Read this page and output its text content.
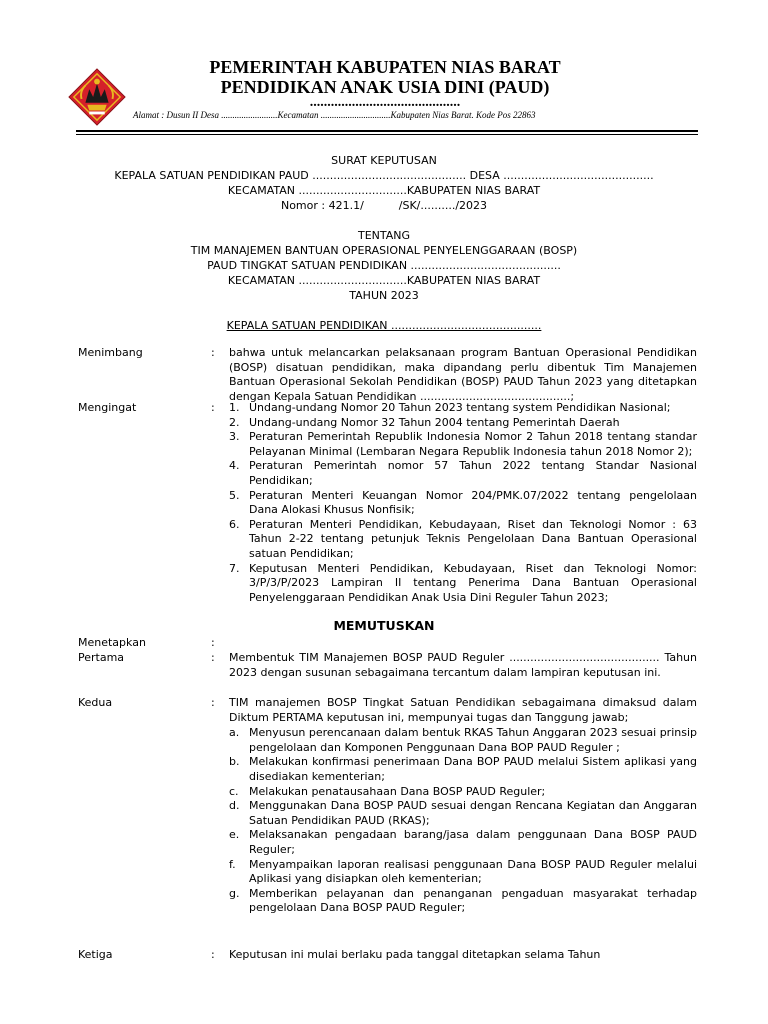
PEMERINTAH KABUPATEN NIAS BARAT
PENDIDIKAN ANAK USIA DINI (PAUD)
...........................................
Alamat : Dusun II Desa .........................Kecamatan ...............................Kabupaten Nias Barat. Kode Pos 22863
SURAT KEPUTUSAN
KEPALA SATUAN PENDIDIKAN PAUD ............................................ DESA ...........................................
KECAMATAN ...............................KABUPATEN NIAS BARAT
Nomor : 421.1/          /SK/........../2023
TENTANG
TIM MANAJEMEN BANTUAN OPERASIONAL PENYELENGGARAAN (BOSP)
PAUD TINGKAT SATUAN PENDIDIKAN ...........................................
KECAMATAN ...............................KABUPATEN NIAS BARAT
TAHUN 2023
KEPALA SATUAN PENDIDIKAN ...........................................
Menimbang	: bahwa untuk melancarkan pelaksanaan program Bantuan Operasional Pendidikan (BOSP) disatuan pendidikan, maka dipandang perlu dibentuk Tim Manajemen Bantuan Operasional Sekolah Pendidikan (BOSP) PAUD Tahun 2023 yang ditetapkan dengan Kepala Satuan Pendidikan ...........................................;
Mengingat	: 1. Undang-undang Nomor 20 Tahun 2023 tentang system Pendidikan Nasional;
2. Undang-undang Nomor 32 Tahun 2004 tentang Pemerintah Daerah
3. Peraturan Pemerintah Republik Indonesia Nomor 2 Tahun 2018 tentang standar Pelayanan Minimal (Lembaran Negara Republik Indonesia tahun 2018 Nomor 2);
4. Peraturan Pemerintah nomor 57 Tahun 2022 tentang Standar Nasional Pendidikan;
5. Peraturan Menteri Keuangan Nomor 204/PMK.07/2022 tentang pengelolaan Dana Alokasi Khusus Nonfisik;
6. Peraturan Menteri Pendidikan, Kebudayaan, Riset dan Teknologi Nomor : 63 Tahun 2-22 tentang petunjuk Teknis Pengelolaan Dana Bantuan Operasional satuan Pendidikan;
7. Keputusan Menteri Pendidikan, Kebudayaan, Riset dan Teknologi Nomor: 3/P/3/P/2023 Lampiran II tentang Penerima Dana Bantuan Operasional Penyelenggaraan Pendidikan Anak Usia Dini Reguler Tahun 2023;
MEMUTUSKAN
Menetapkan	:
Pertama	: Membentuk TIM Manajemen BOSP PAUD Reguler ........................................... Tahun 2023 dengan susunan sebagaimana tercantum dalam lampiran keputusan ini.
Kedua	: TIM manajemen BOSP Tingkat Satuan Pendidikan sebagaimana dimaksud dalam Diktum PERTAMA keputusan ini, mempunyai tugas dan Tanggung jawab;
a. Menyusun perencanaan dalam bentuk RKAS Tahun Anggaran 2023 sesuai prinsip pengelolaan dan Komponen Penggunaan Dana BOP PAUD Reguler ;
b. Melakukan konfirmasi penerimaan Dana BOP PAUD melalui Sistem aplikasi yang disediakan kementerian;
c. Melakukan penatausahaan Dana BOSP PAUD Reguler;
d. Menggunakan Dana BOSP PAUD sesuai dengan Rencana Kegiatan dan Anggaran Satuan Pendidikan PAUD (RKAS);
e. Melaksanakan pengadaan barang/jasa dalam penggunaan Dana BOSP PAUD Reguler;
f. Menyampaikan laporan realisasi penggunaan Dana BOSP PAUD Reguler melalui Aplikasi yang disiapkan oleh kementerian;
g. Memberikan pelayanan dan penanganan pengaduan masyarakat terhadap pengelolaan Dana BOSP PAUD Reguler;
Ketiga	: Keputusan ini mulai berlaku pada tanggal ditetapkan selama Tahun
